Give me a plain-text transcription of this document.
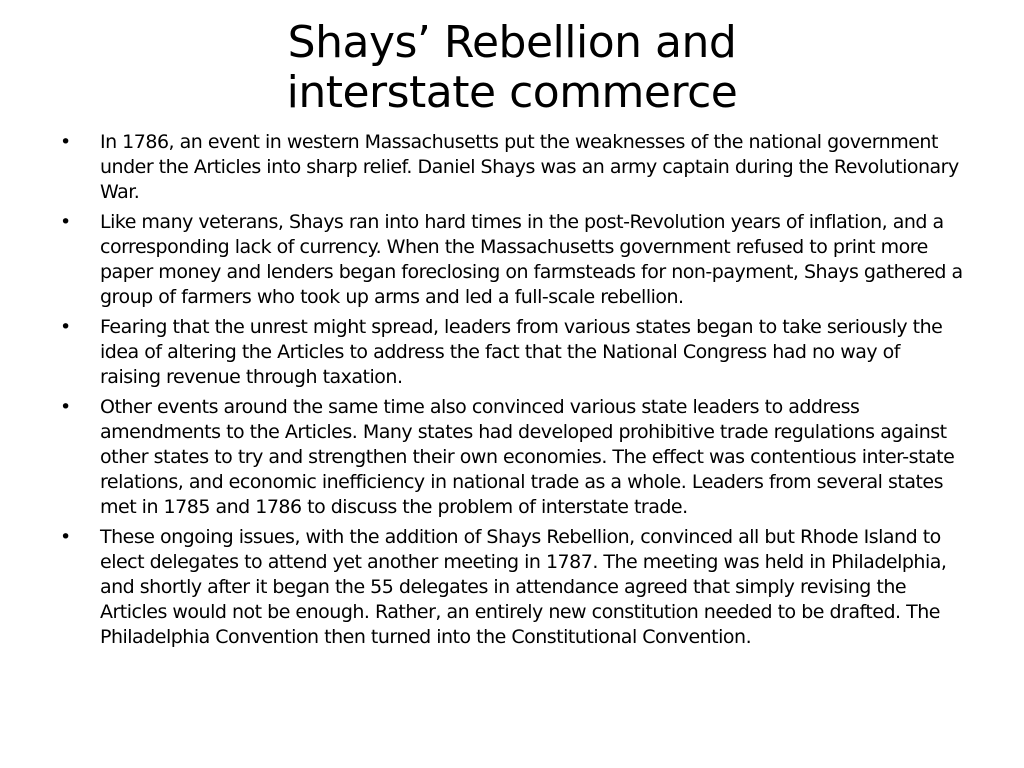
Shays’ Rebellion and
interstate commerce
•	In 1786, an event in western Massachusetts put the weaknesses of the national government under the Articles into sharp relief. Daniel Shays was an army captain during the Revolutionary War.
•	Like many veterans, Shays ran into hard times in the post-Revolution years of inflation, and a corresponding lack of currency. When the Massachusetts government refused to print more paper money and lenders began foreclosing on farmsteads for non-payment, Shays gathered a group of farmers who took up arms and led a full-scale rebellion.
•	Fearing that the unrest might spread, leaders from various states began to take seriously the idea of altering the Articles to address the fact that the National Congress had no way of raising revenue through taxation.
•	Other events around the same time also convinced various state leaders to address amendments to the Articles. Many states had developed prohibitive trade regulations against other states to try and strengthen their own economies. The effect was contentious inter-state relations, and economic inefficiency in national trade as a whole. Leaders from several states met in 1785 and 1786 to discuss the problem of interstate trade.
•	These ongoing issues, with the addition of Shays Rebellion, convinced all but Rhode Island to elect delegates to attend yet another meeting in 1787. The meeting was held in Philadelphia, and shortly after it began the 55 delegates in attendance agreed that simply revising the Articles would not be enough. Rather, an entirely new constitution needed to be drafted. The Philadelphia Convention then turned into the Constitutional Convention.
